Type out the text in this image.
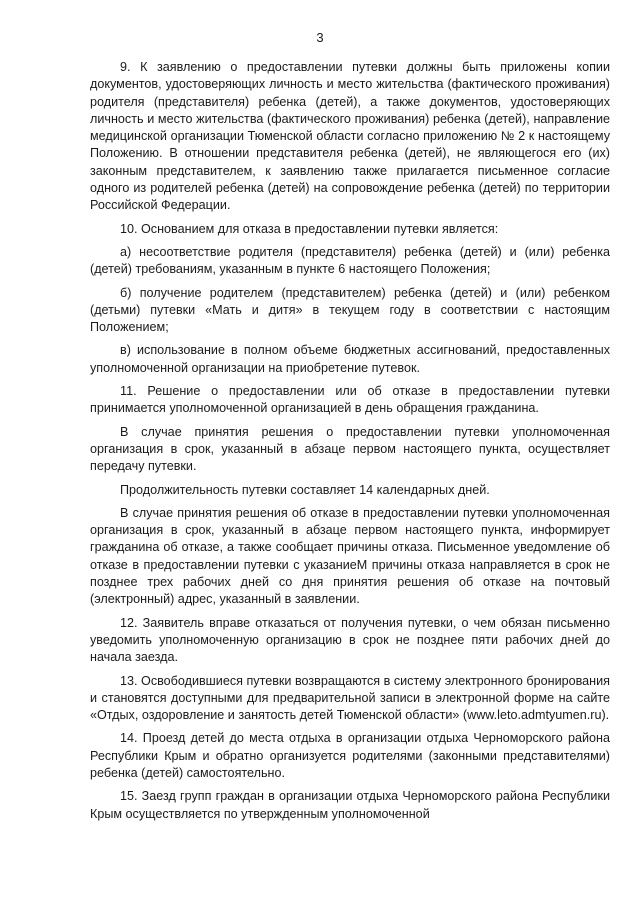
3

9. К заявлению о предоставлении путевки должны быть приложены копии документов, удостоверяющих личность и место жительства (фактического проживания) родителя (представителя) ребенка (детей), а также документов, удостоверяющих личность и место жительства (фактического проживания) ребенка (детей), направление медицинской организации Тюменской области согласно приложению № 2 к настоящему Положению. В отношении представителя ребенка (детей), не являющегося его (их) законным представителем, к заявлению также прилагается письменное согласие одного из родителей ребенка (детей) на сопровождение ребенка (детей) по территории Российской Федерации.

10. Основанием для отказа в предоставлении путевки является:

а) несоответствие родителя (представителя) ребенка (детей) и (или) ребенка (детей) требованиям, указанным в пункте 6 настоящего Положения;

б) получение родителем (представителем) ребенка (детей) и (или) ребенком (детьми) путевки «Мать и дитя» в текущем году в соответствии с настоящим Положением;

в) использование в полном объеме бюджетных ассигнований, предоставленных уполномоченной организации на приобретение путевок.

11. Решение о предоставлении или об отказе в предоставлении путевки принимается уполномоченной организацией в день обращения гражданина.

В случае принятия решения о предоставлении путевки уполномоченная организация в срок, указанный в абзаце первом настоящего пункта, осуществляет передачу путевки.

Продолжительность путевки составляет 14 календарных дней.

В случае принятия решения об отказе в предоставлении путевки уполномоченная организация в срок, указанный в абзаце первом настоящего пункта, информирует гражданина об отказе, а также сообщает причины отказа. Письменное уведомление об отказе в предоставлении путевки с указаниeМ причины отказа направляется в срок не позднее трех рабочих дней со дня принятия решения об отказе на почтовый (электронный) адрес, указанный в заявлении.

12. Заявитель вправе отказаться от получения путевки, о чем обязан письменно уведомить уполномоченную организацию в срок не позднее пяти рабочих дней до начала заезда.

13. Освободившиеся путевки возвращаются в систему электронного бронирования и становятся доступными для предварительной записи в электронной форме на сайте «Отдых, оздоровление и занятость детей Тюменской области» (www.leto.admtyumen.ru).

14. Проезд детей до места отдыха в организации отдыха Черноморского района Республики Крым и обратно организуется родителями (законными представителями) ребенка (детей) самостоятельно.

15. Заезд групп граждан в организации отдыха Черноморского района Республики Крым осуществляется по утвержденным уполномоченной
